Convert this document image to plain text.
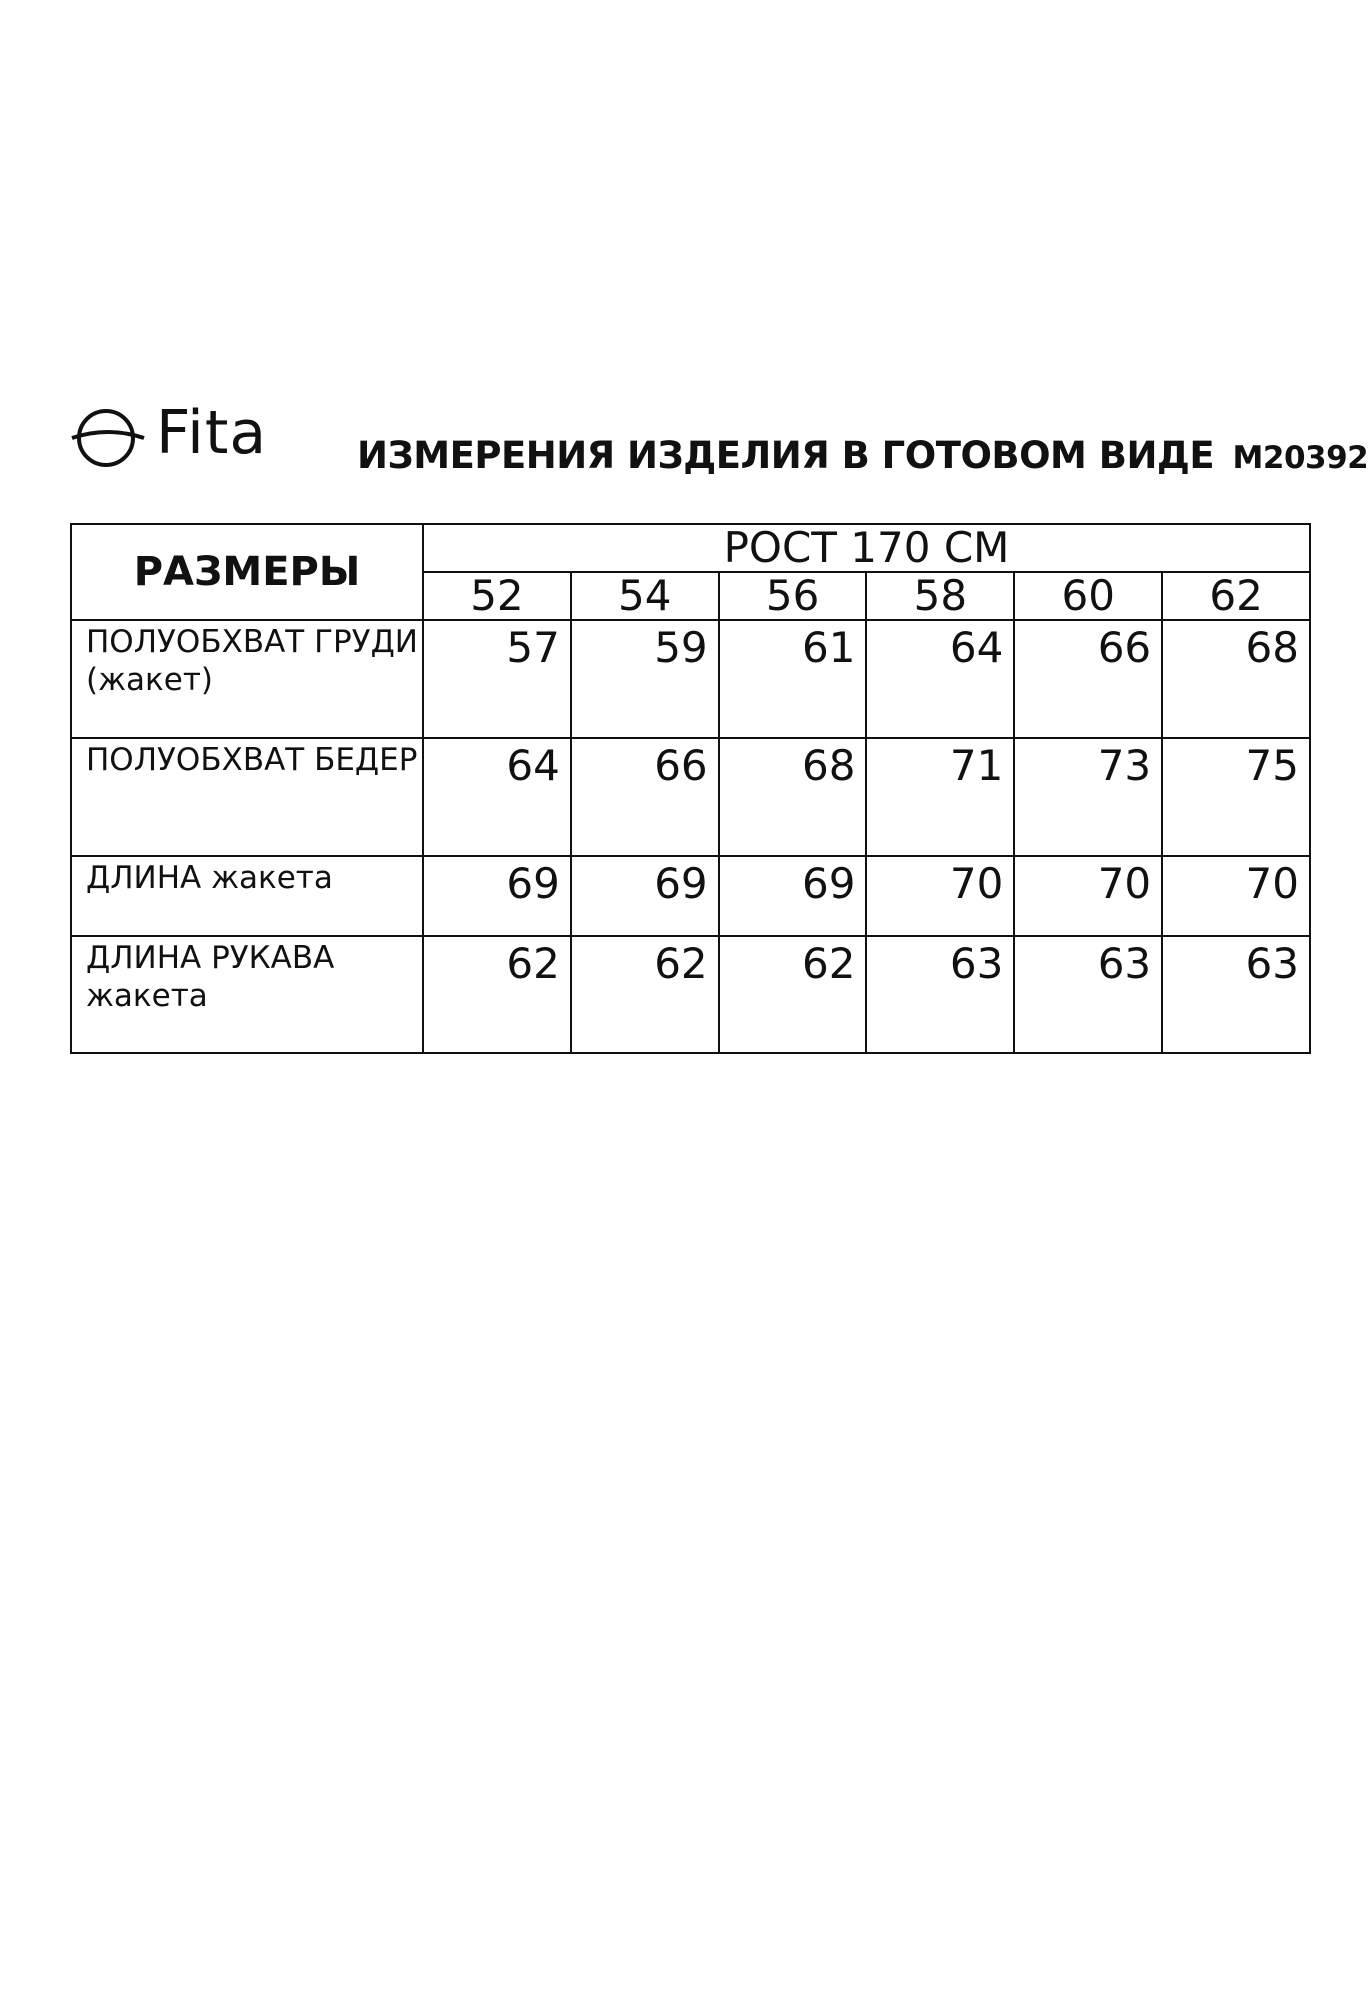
Fita ИЗМЕРЕНИЯ ИЗДЕЛИЯ В ГОТОВОМ ВИДЕ М20392
РАЗМЕРЫ	РОСТ 170 СМ					
	52	54	56	58	60	62
ПОЛУОБХВАТ ГРУДИ (жакет)	57	59	61	64	66	68
ПОЛУОБХВАТ БЕДЕР	64	66	68	71	73	75
ДЛИНА жакета	69	69	69	70	70	70
ДЛИНА РУКАВА жакета	62	62	62	63	63	63
